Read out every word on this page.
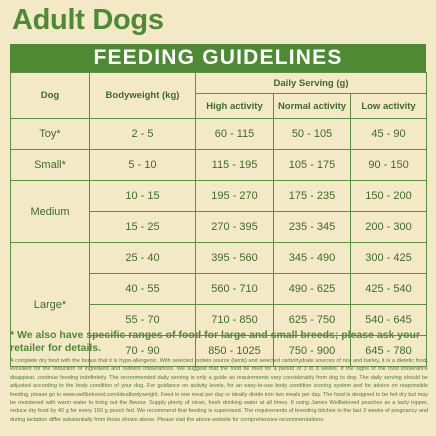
Adult Dogs
FEEDING GUIDELINES
Dog	Bodyweight (kg)	Daily Serving (g)		
		High activity	Normal activity	Low activity
Toy*	2 - 5	60 - 115	50 - 105	45 - 90
Small*	5 - 10	115 - 195	105 - 175	90 - 150
Medium	10 - 15	195 - 270	175 - 235	150 - 200
	15 - 25	270 - 395	235 - 345	200 - 300
Large*	25 - 40	395 - 560	345 - 490	300 - 425
	40 - 55	560 - 710	490 - 625	425 - 540
	55 - 70	710 - 850	625 - 750	540 - 645
	70 - 90	850 - 1025	750 - 900	645 - 780
* We also have specific ranges of food for large and small breeds; please ask your retailer for details.
A complete dry food with the bonus that it is hypo-allergenic. With selected protein source (lamb) and selected carbohydrate sources of rice and barley, it is a dietetic food, excellent for the reduction of ingredient and nutrient intolerances. We suggest that the food be tried for a period of 3 to 8 weeks. If the signs of the food intolerance disappear, continue feeding indefinitely. The recommended daily serving is only a guide as requirements vary considerably from dog to dog. The daily serving should be adjusted according to the body condition of your dog. For guidance on activity levels, for an easy-to-use body condition scoring system and for advice on responsible feeding, please go to www.wellbeloved.com/idealbodyweight. Feed in one meal per day or ideally divide into two meals per day. The food is designed to be fed dry but may be moistened with warm water to bring out the flavour. Supply plenty of clean, fresh drinking water at all times. If using James Wellbeloved pouches as a tasty topper, reduce dry food by 40 g for every 150 g pouch fed. We recommend that feeding is supervised. The requirements of breeding bitches in the last 3 weeks of pregnancy and during lactation differ substantially from those shown above. Please visit the above website for comprehensive recommendations.
